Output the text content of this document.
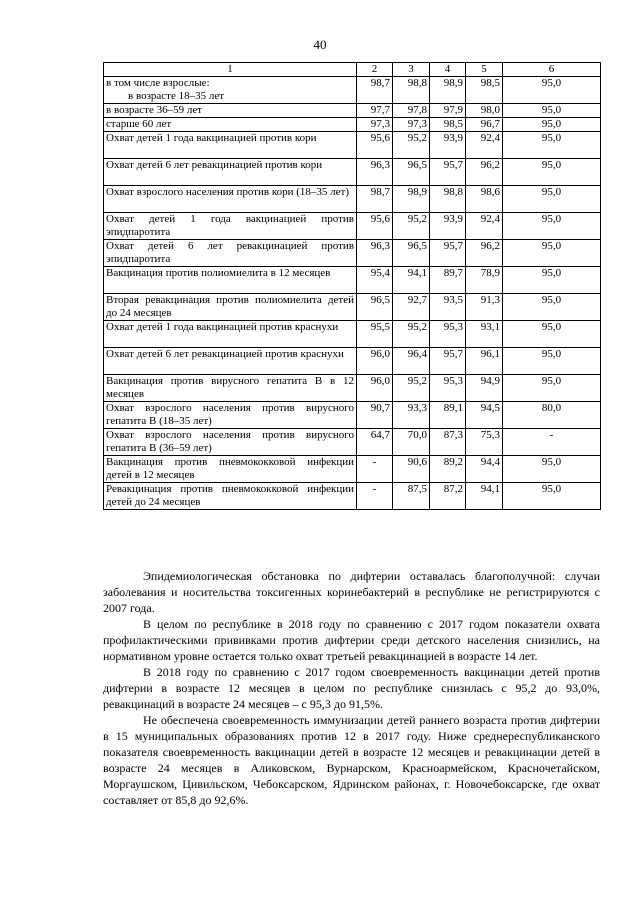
40
1	2	3	4	5	6
в том числе взрослые:
в возрасте 18–35 лет	98,7	98,8	98,9	98,5	95,0
в возрасте 36–59 лет	97,7	97,8	97,9	98,0	95,0
старше 60 лет	97,3	97,3	98,5	96,7	95,0
Охват детей 1 года вакцинацией против кори	95,6	95,2	93,9	92,4	95,0
Охват детей 6 лет ревакцинацией против кори	96,3	96,5	95,7	96,2	95,0
Охват взрослого населения против кори (18–35 лет)	98,7	98,9	98,8	98,6	95,0
Охват детей 1 года вакцинацией против эпидпаротита	95,6	95,2	93,9	92,4	95,0
Охват детей 6 лет ревакцинацией против эпидпаротита	96,3	96,5	95,7	96,2	95,0
Вакцинация против полиомиелита в 12 месяцев	95,4	94,1	89,7	78,9	95,0
Вторая ревакцинация против полиомиелита детей до 24 месяцев	96,5	92,7	93,5	91,3	95,0
Охват детей 1 года вакцинацией против краснухи	95,5	95,2	95,3	93,1	95,0
Охват детей 6 лет ревакцинацией против краснухи	96,0	96,4	95,7	96,1	95,0
Вакцинация против вирусного гепатита В в 12 месяцев	96,0	95,2	95,3	94,9	95,0
Охват взрослого населения против вирусного гепатита В (18–35 лет)	90,7	93,3	89,1	94,5	80,0
Охват взрослого населения против вирусного гепатита В (36–59 лет)	64,7	70,0	87,3	75,3	-
Вакцинация против пневмококковой инфекции детей в 12 месяцев	-	90,6	89,2	94,4	95,0
Ревакцинация против пневмококковой инфекции детей до 24 месяцев	-	87,5	87,2	94,1	95,0

Эпидемиологическая обстановка по дифтерии оставалась благополучной: случаи заболевания и носительства токсигенных коринебактерий в республике не регистрируются с 2007 года.

В целом по республике в 2018 году по сравнению с 2017 годом показатели охвата профилактическими прививками против дифтерии среди детского населения снизились, на нормативном уровне остается только охват третьей ревакцинацией в возрасте 14 лет.

В 2018 году по сравнению с 2017 годом своевременность вакцинации детей против дифтерии в возрасте 12 месяцев в целом по республике снизилась с 95,2 до 93,0%, ревакцинаций в возрасте 24 месяцев – с 95,3 до 91,5%.

Не обеспечена своевременность иммунизации детей раннего возраста против дифтерии в 15 муниципальных образованиях против 12 в 2017 году. Ниже среднереспубликанского показателя своевременность вакцинации детей в возрасте 12 месяцев и ревакцинации детей в возрасте 24 месяцев в Аликовском, Вурнарском, Красноармейском, Красночетайском, Моргаушском, Цивильском, Чебоксарском, Ядринском районах, г. Новочебоксарске, где охват составляет от 85,8 до 92,6%.
